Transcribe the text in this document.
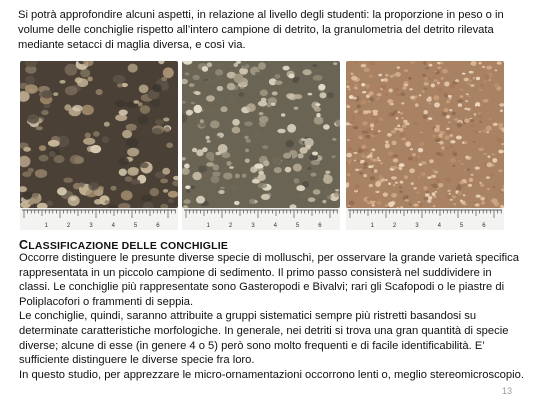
Si potrà approfondire alcuni aspetti, in relazione al livello degli studenti: la proporzione in peso o in volume delle conchiglie rispetto all’intero campione di detrito, la granulometria del detrito rilevata mediante setacci di maglia diversa, e così via.
1	2	3	4	5	6	1	2	3	4	5	6	1	2	3	4	5	6
CLASSIFICAZIONE DELLE CONCHIGLIE

Occorre distinguere le presunte diverse specie di molluschi, per osservare la grande varietà specifica rappresentata in un piccolo campione di sedimento. Il primo passo consisterà nel suddividere in classi. Le conchiglie più rappresentate sono Gasteropodi e Bivalvi; rari gli Scafopodi o le piastre di Poliplacofori o frammenti di seppia.

Le conchiglie, quindi, saranno attribuite a gruppi sistematici sempre più ristretti basandosi su determinate caratteristiche morfologiche. In generale, nei detriti si trova una gran quantità di specie diverse; alcune di esse (in genere 4 o 5) però sono molto frequenti e di facile identificabilità. E’ sufficiente distinguere le diverse specie fra loro.

In questo studio, per apprezzare le micro-ornamentazioni occorrono lenti o, meglio stereomicroscopio.

13
